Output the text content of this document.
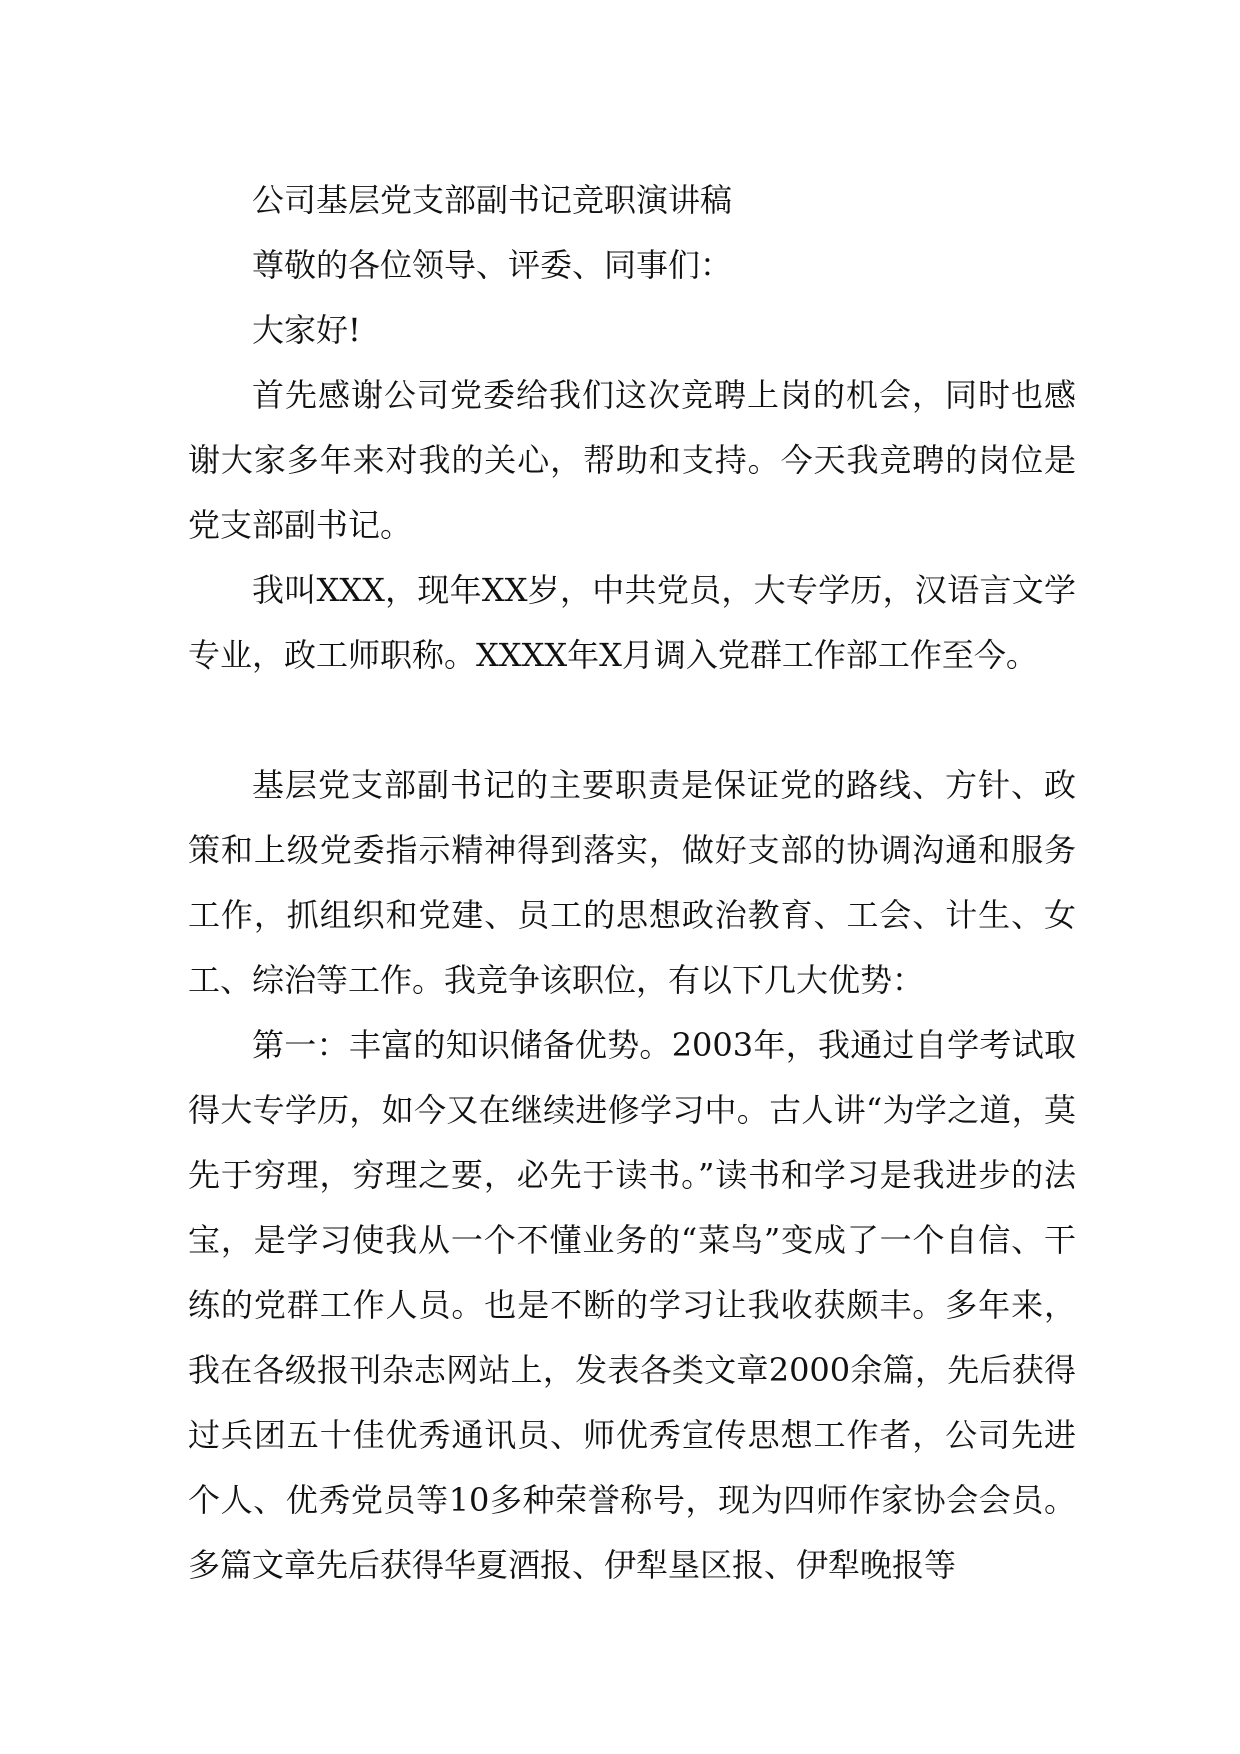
公司基层党支部副书记竞职演讲稿

尊敬的各位领导、评委、同事们：

大家好!

首先感谢公司党委给我们这次竞聘上岗的机会，同时也感谢大家多年来对我的关心，帮助和支持。今天我竞聘的岗位是党支部副书记。

我叫XXX，现年XX岁，中共党员，大专学历，汉语言文学专业，政工师职称。XXXX年X月调入党群工作部工作至今。

基层党支部副书记的主要职责是保证党的路线、方针、政策和上级党委指示精神得到落实，做好支部的协调沟通和服务工作，抓组织和党建、员工的思想政治教育、工会、计生、女工、综治等工作。我竞争该职位，有以下几大优势：

第一：丰富的知识储备优势。2003年，我通过自学考试取得大专学历，如今又在继续进修学习中。古人讲“为学之道，莫先于穷理，穷理之要，必先于读书。”读书和学习是我进步的法宝，是学习使我从一个不懂业务的“菜鸟”变成了一个自信、干练的党群工作人员。也是不断的学习让我收获颇丰。多年来，我在各级报刊杂志网站上，发表各类文章2000余篇，先后获得过兵团五十佳优秀通讯员、师优秀宣传思想工作者，公司先进个人、优秀党员等10多种荣誉称号，现为四师作家协会会员。多篇文章先后获得华夏酒报、伊犁垦区报、伊犁晚报等
